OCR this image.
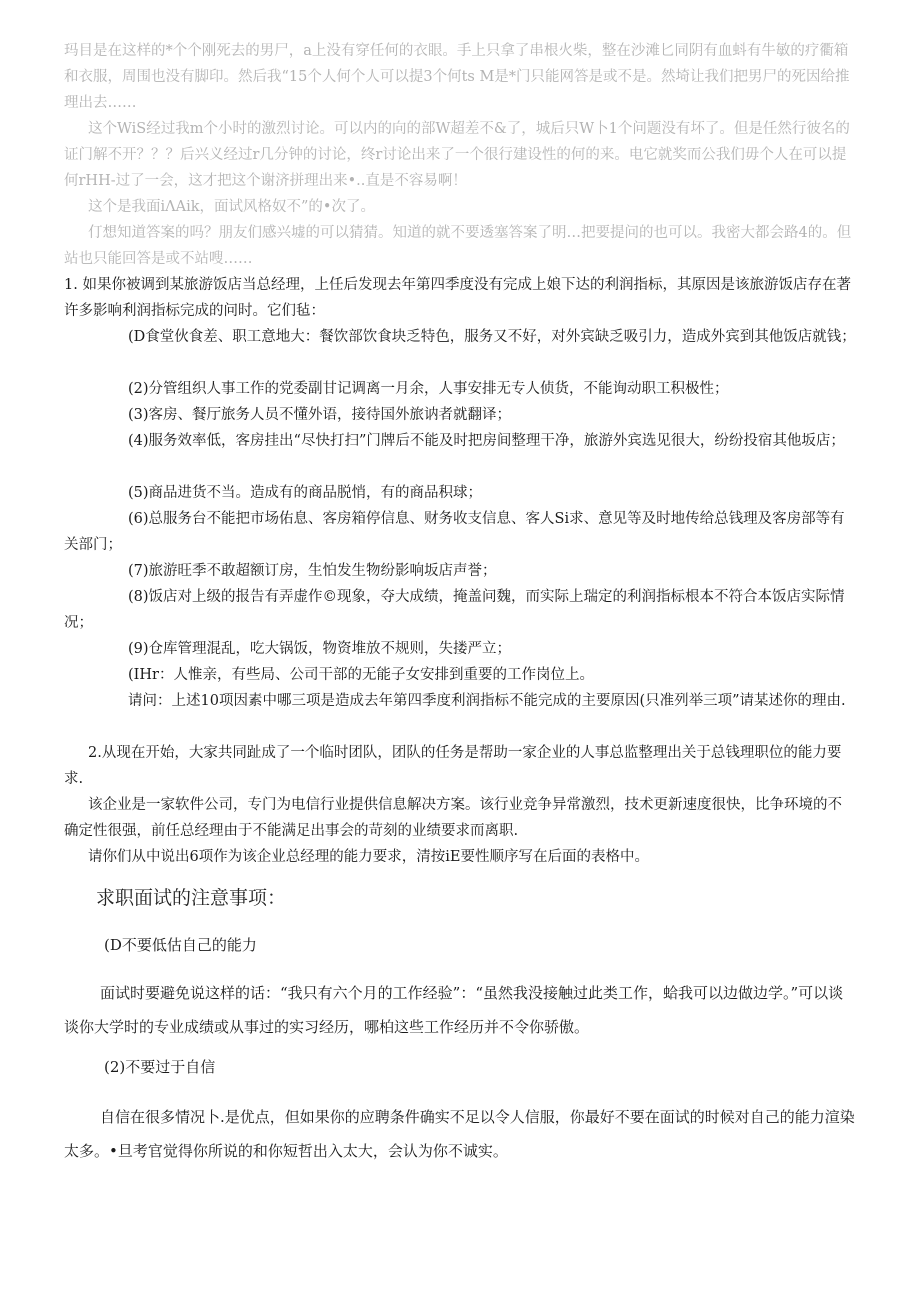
玛目是在这样的*个个刚死去的男尸，a上没有穿任何的衣眼。手上只拿了串根火柴，整在沙滩匕同阴有血蚪有牛敏的疗衢箱和衣服，周围也没有脚印。然后我“15个人何个人可以提3个何ts M是*门只能网答是或不是。然埼让我们把男尸的死因给推理出去……

这个WiS经过我m个小时的激烈讨论。可以内的向的部W超差不&了，城后只W卜1个问题没有坏了。但是任然行彼名的证门解不开？？？后兴义经过r几分钟的讨论，终r讨论出来了一个很行建设性的何的来。电它就奖而公我们毋个人在可以提何rHH-过了一会，这才把这个谢济拼理出来•..直是不容易啊！

这个是我面iΛAik，面试风格奴不”的•次了。

仃想知道答案的吗？朋友们感兴墟的可以猜猜。知道的就不要透塞答案了明…把要提问的也可以。我密大都会路4的。但站也只能回答是或不站嗖……

1. 如果你被调到某旅游饭店当总经理，上任后发现去年第四季度没有完成上娘下达的利润指标，其原因是该旅游饭店存在著许多影响利润指标完成的问时。它们毡：

(D食堂伙食差、职工意地大：餐饮部饮食块乏特色，服务又不好，对外宾缺乏吸引力，造成外宾到其他饭店就钱；

(2)分管组织人事工作的党委副甘记调离一月余，人事安排无专人侦货，不能询动职工积极性；

(3)客房、餐厅旅务人员不懂外语，接待国外旅讷者就翻译；

(4)服务效率低，客房挂出“尽快打扫”门牌后不能及时把房间整理干净，旅游外宾选见很大，纷纷投宿其他坂店；

(5)商品进货不当。造成有的商品脱悄，有的商品积球；

(6)总服务台不能把市场佑息、客房箱停信息、财务收支信息、客人Si求、意见等及时地传给总钱理及客房部等有关部门；

(7)旅游旺季不敢超额订房，生怕发生物纷影响坂店声誉；

(8)饭店对上级的报告有弄虚作©现象，夺大成绩，掩盖问魏，而实际上瑞定的利润指标根本不符合本饭店实际情况；

(9)仓库管理混乱，吃大锅饭，物资堆放不规则，失搂严立；

(IHr：人惟亲，有些局、公司干部的无能子女安排到重要的工作岗位上。

请问：上述10项因素中哪三项是造成去年第四季度利润指标不能完成的主要原因(只准列举三项”请某述你的理由.

2.从现在开始，大家共同趾成了一个临时团队，团队的任务是帮助一家企业的人事总监整理出关于总钱理职位的能力要求.

该企业是一家软件公司，专门为电信行业提供信息解决方案。该行业竞争异常激烈，技术更新速度很快，比争环境的不确定性很强，前任总经理由于不能满足出事会的苛刻的业绩要求而离职.

请你们从中说出6项作为该企业总经理的能力要求，清按iE要性顺序写在后面的表格中。

求职面试的注意事项：

(D不要低估自己的能力

面试时要避免说这样的话：“我只有六个月的工作经验”：“虽然我没接触过此类工作，蛤我可以边做边学。”可以谈谈你大学时的专业成绩或从事过的实习经历，哪柏这些工作经历并不令你骄傲。

(2)不要过于自信

自信在很多情况卜.是优点，但如果你的应聘条件确实不足以令人信服，你最好不要在面试的时候对自己的能力渲染太多。•旦考官觉得你所说的和你短哲出入太大，会认为你不诚实。
